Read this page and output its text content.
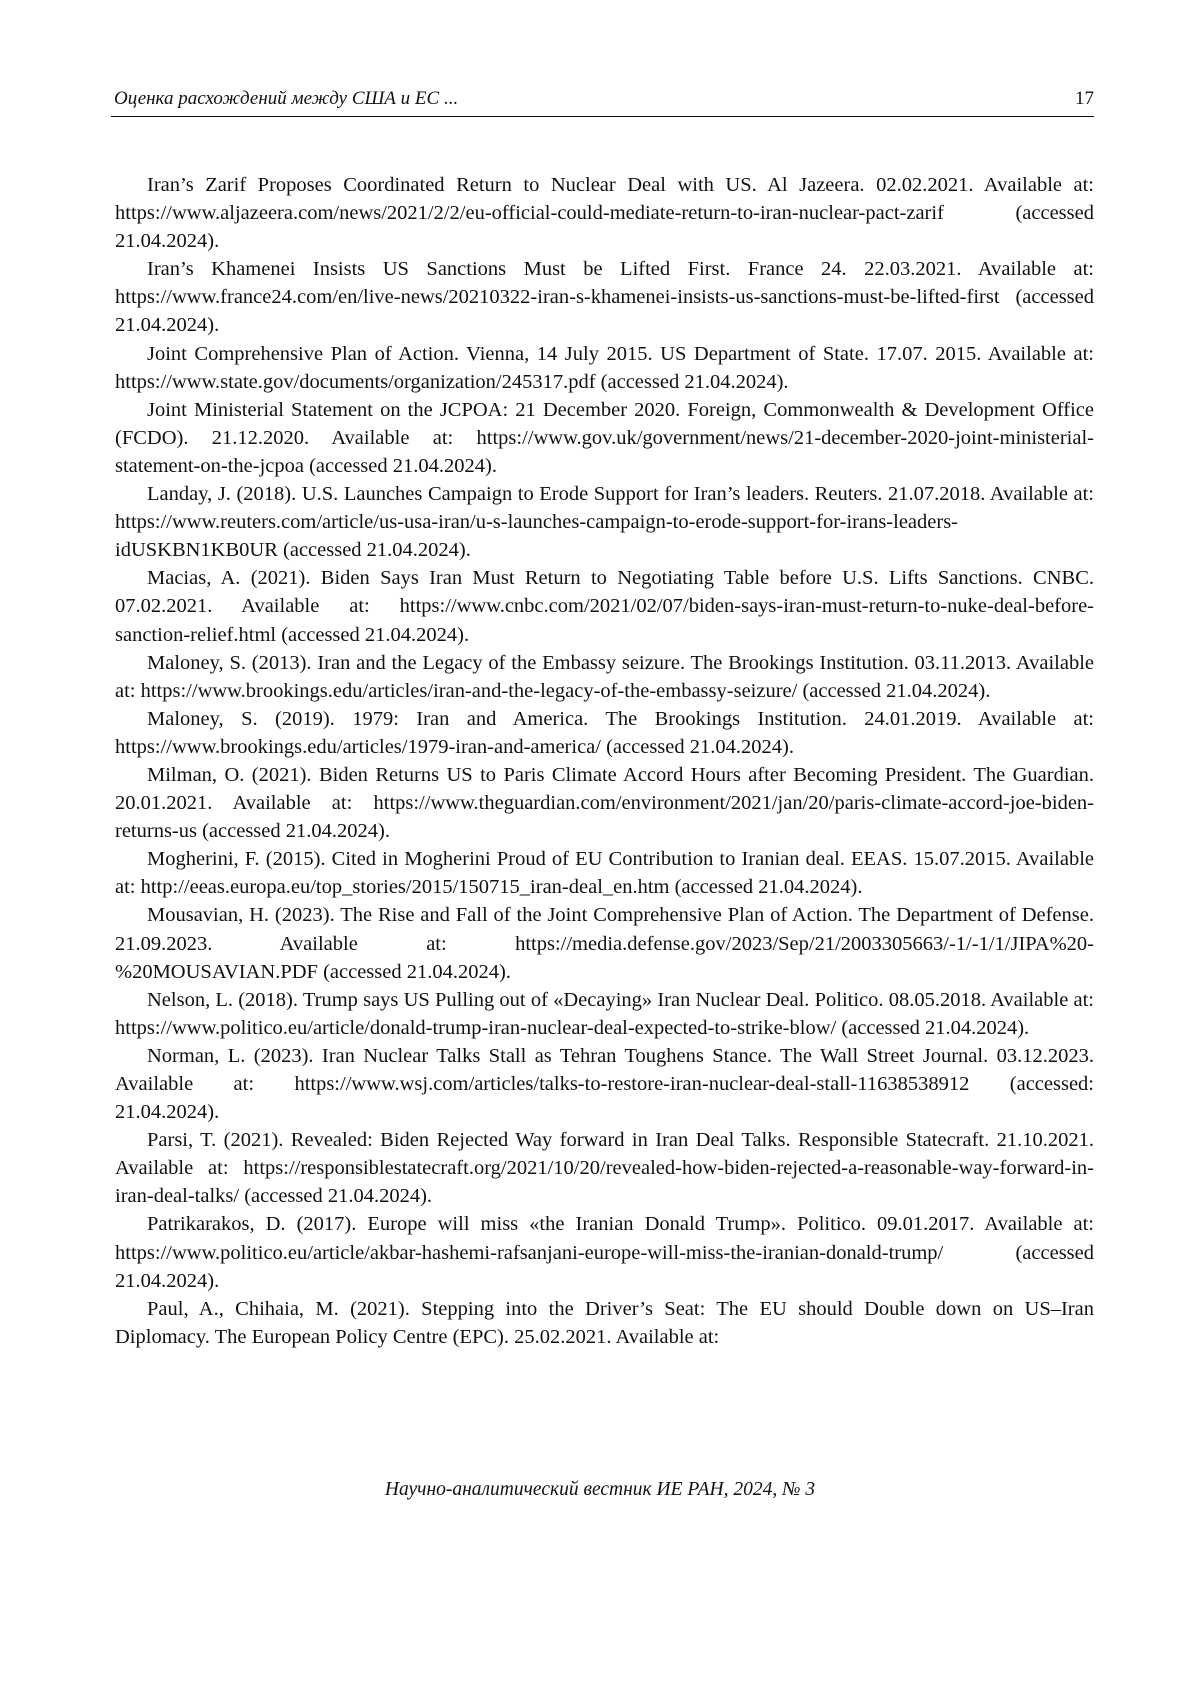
Оценка расхождений между США и ЕС ...	17

Iran’s Zarif Proposes Coordinated Return to Nuclear Deal with US. Al Jazeera. 02.02.2021. Available at: https://www.aljazeera.com/news/2021/2/2/eu-official-could-mediate-return-to-iran-nuclear-pact-zarif (accessed 21.04.2024).

Iran’s Khamenei Insists US Sanctions Must be Lifted First. France 24. 22.03.2021. Available at: https://www.france24.com/en/live-news/20210322-iran-s-khamenei-insists-us-sanctions-must-be-lifted-first (accessed 21.04.2024).

Joint Comprehensive Plan of Action. Vienna, 14 July 2015. US Department of State. 17.07. 2015. Available at: https://www.state.gov/documents/organization/245317.pdf (accessed 21.04.2024).

Joint Ministerial Statement on the JCPOA: 21 December 2020. Foreign, Commonwealth & Development Office (FCDO). 21.12.2020. Available at: https://www.gov.uk/government/news/21-december-2020-joint-ministerial-statement-on-the-jcpoa (accessed 21.04.2024).

Landay, J. (2018). U.S. Launches Campaign to Erode Support for Iran’s leaders. Reuters. 21.07.2018. Available at: https://www.reuters.com/article/us-usa-iran/u-s-launches-campaign-to-erode-support-for-irans-leaders-idUSKBN1KB0UR (accessed 21.04.2024).

Macias, A. (2021). Biden Says Iran Must Return to Negotiating Table before U.S. Lifts Sanctions. CNBC. 07.02.2021. Available at: https://www.cnbc.com/2021/02/07/biden-says-iran-must-return-to-nuke-deal-before-sanction-relief.html (accessed 21.04.2024).

Maloney, S. (2013). Iran and the Legacy of the Embassy seizure. The Brookings Institution. 03.11.2013. Available at: https://www.brookings.edu/articles/iran-and-the-legacy-of-the-embassy-seizure/ (accessed 21.04.2024).

Maloney, S. (2019). 1979: Iran and America. The Brookings Institution. 24.01.2019. Available at: https://www.brookings.edu/articles/1979-iran-and-america/ (accessed 21.04.2024).

Milman, O. (2021). Biden Returns US to Paris Climate Accord Hours after Becoming President. The Guardian. 20.01.2021. Available at: https://www.theguardian.com/environment/2021/jan/20/paris-climate-accord-joe-biden-returns-us (accessed 21.04.2024).

Mogherini, F. (2015). Cited in Mogherini Proud of EU Contribution to Iranian deal. EEAS. 15.07.2015. Available at: http://eeas.europa.eu/top_stories/2015/150715_iran-deal_en.htm (accessed 21.04.2024).

Mousavian, H. (2023). The Rise and Fall of the Joint Comprehensive Plan of Action. The Department of Defense. 21.09.2023. Available at: https://media.defense.gov/2023/Sep/21/2003305663/-1/-1/1/JIPA%20-%20MOUSAVIAN.PDF (accessed 21.04.2024).

Nelson, L. (2018). Trump says US Pulling out of «Decaying» Iran Nuclear Deal. Politico. 08.05.2018. Available at: https://www.politico.eu/article/donald-trump-iran-nuclear-deal-expected-to-strike-blow/ (accessed 21.04.2024).

Norman, L. (2023). Iran Nuclear Talks Stall as Tehran Toughens Stance. The Wall Street Journal. 03.12.2023. Available at: https://www.wsj.com/articles/talks-to-restore-iran-nuclear-deal-stall-11638538912 (accessed: 21.04.2024).

Parsi, T. (2021). Revealed: Biden Rejected Way forward in Iran Deal Talks. Responsible Statecraft. 21.10.2021. Available at: https://responsiblestatecraft.org/2021/10/20/revealed-how-biden-rejected-a-reasonable-way-forward-in-iran-deal-talks/ (accessed 21.04.2024).

Patrikarakos, D. (2017). Europe will miss «the Iranian Donald Trump». Politico. 09.01.2017. Available at: https://www.politico.eu/article/akbar-hashemi-rafsanjani-europe-will-miss-the-iranian-donald-trump/ (accessed 21.04.2024).

Paul, A., Chihaia, M. (2021). Stepping into the Driver’s Seat: The EU should Double down on US–Iran Diplomacy. The European Policy Centre (EPC). 25.02.2021. Available at:

Научно-аналитический вестник ИЕ РАН, 2024, № 3
